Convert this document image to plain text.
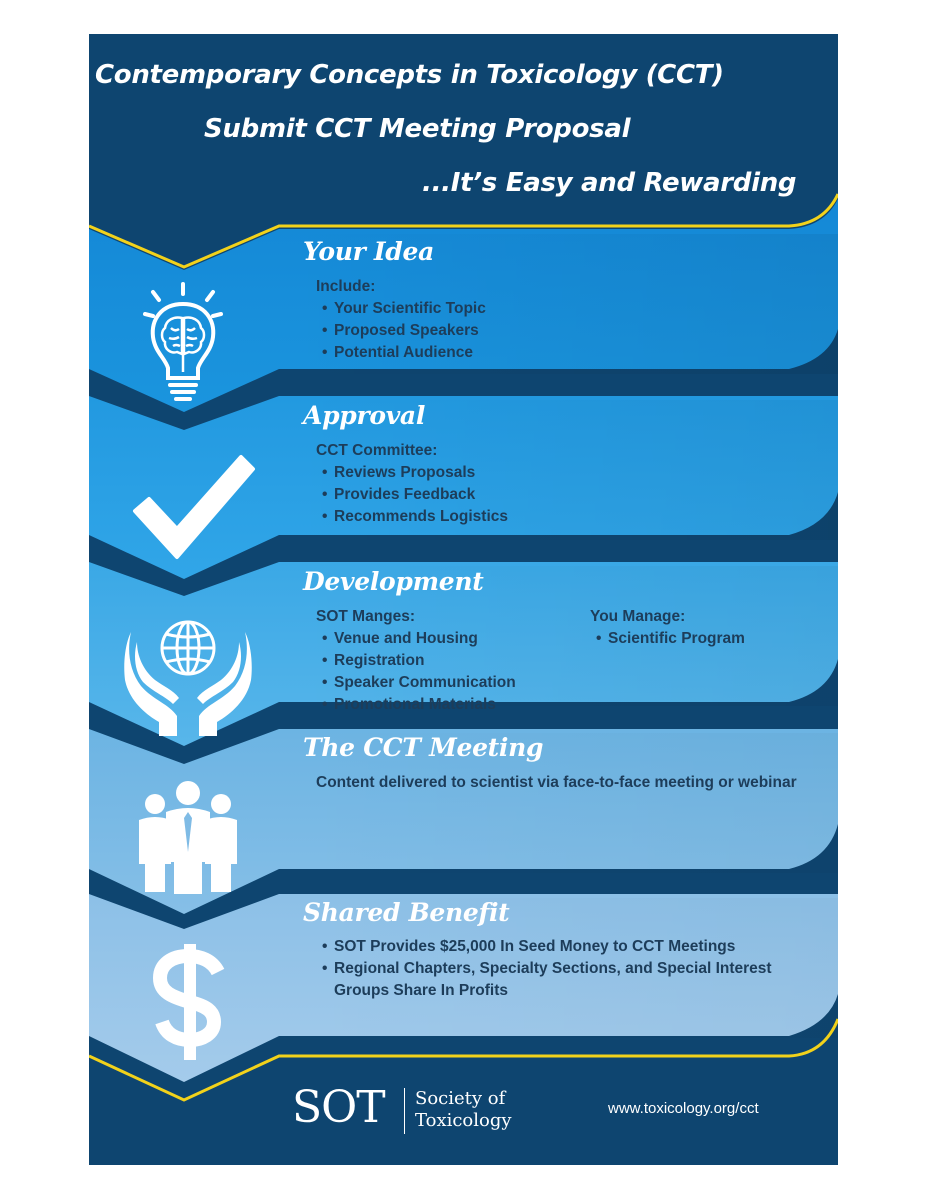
Contemporary Concepts in Toxicology (CCT)
Submit CCT Meeting Proposal
...It’s Easy and Rewarding
Your Idea
Include:
• Your Scientific Topic
• Proposed Speakers
• Potential Audience
Approval
CCT Committee:
• Reviews Proposals
• Provides Feedback
• Recommends Logistics
Development
SOT Manges:
• Venue and Housing
• Registration
• Speaker Communication
• Promotional Materials
You Manage:
• Scientific Program
The CCT Meeting
Content delivered to scientist via face-to-face meeting or webinar
Shared Benefit
• SOT Provides $25,000 In Seed Money to CCT Meetings
• Regional Chapters, Specialty Sections, and Special Interest
Groups Share In Profits
SOT Society of
Toxicology
www.toxicology.org/cct
